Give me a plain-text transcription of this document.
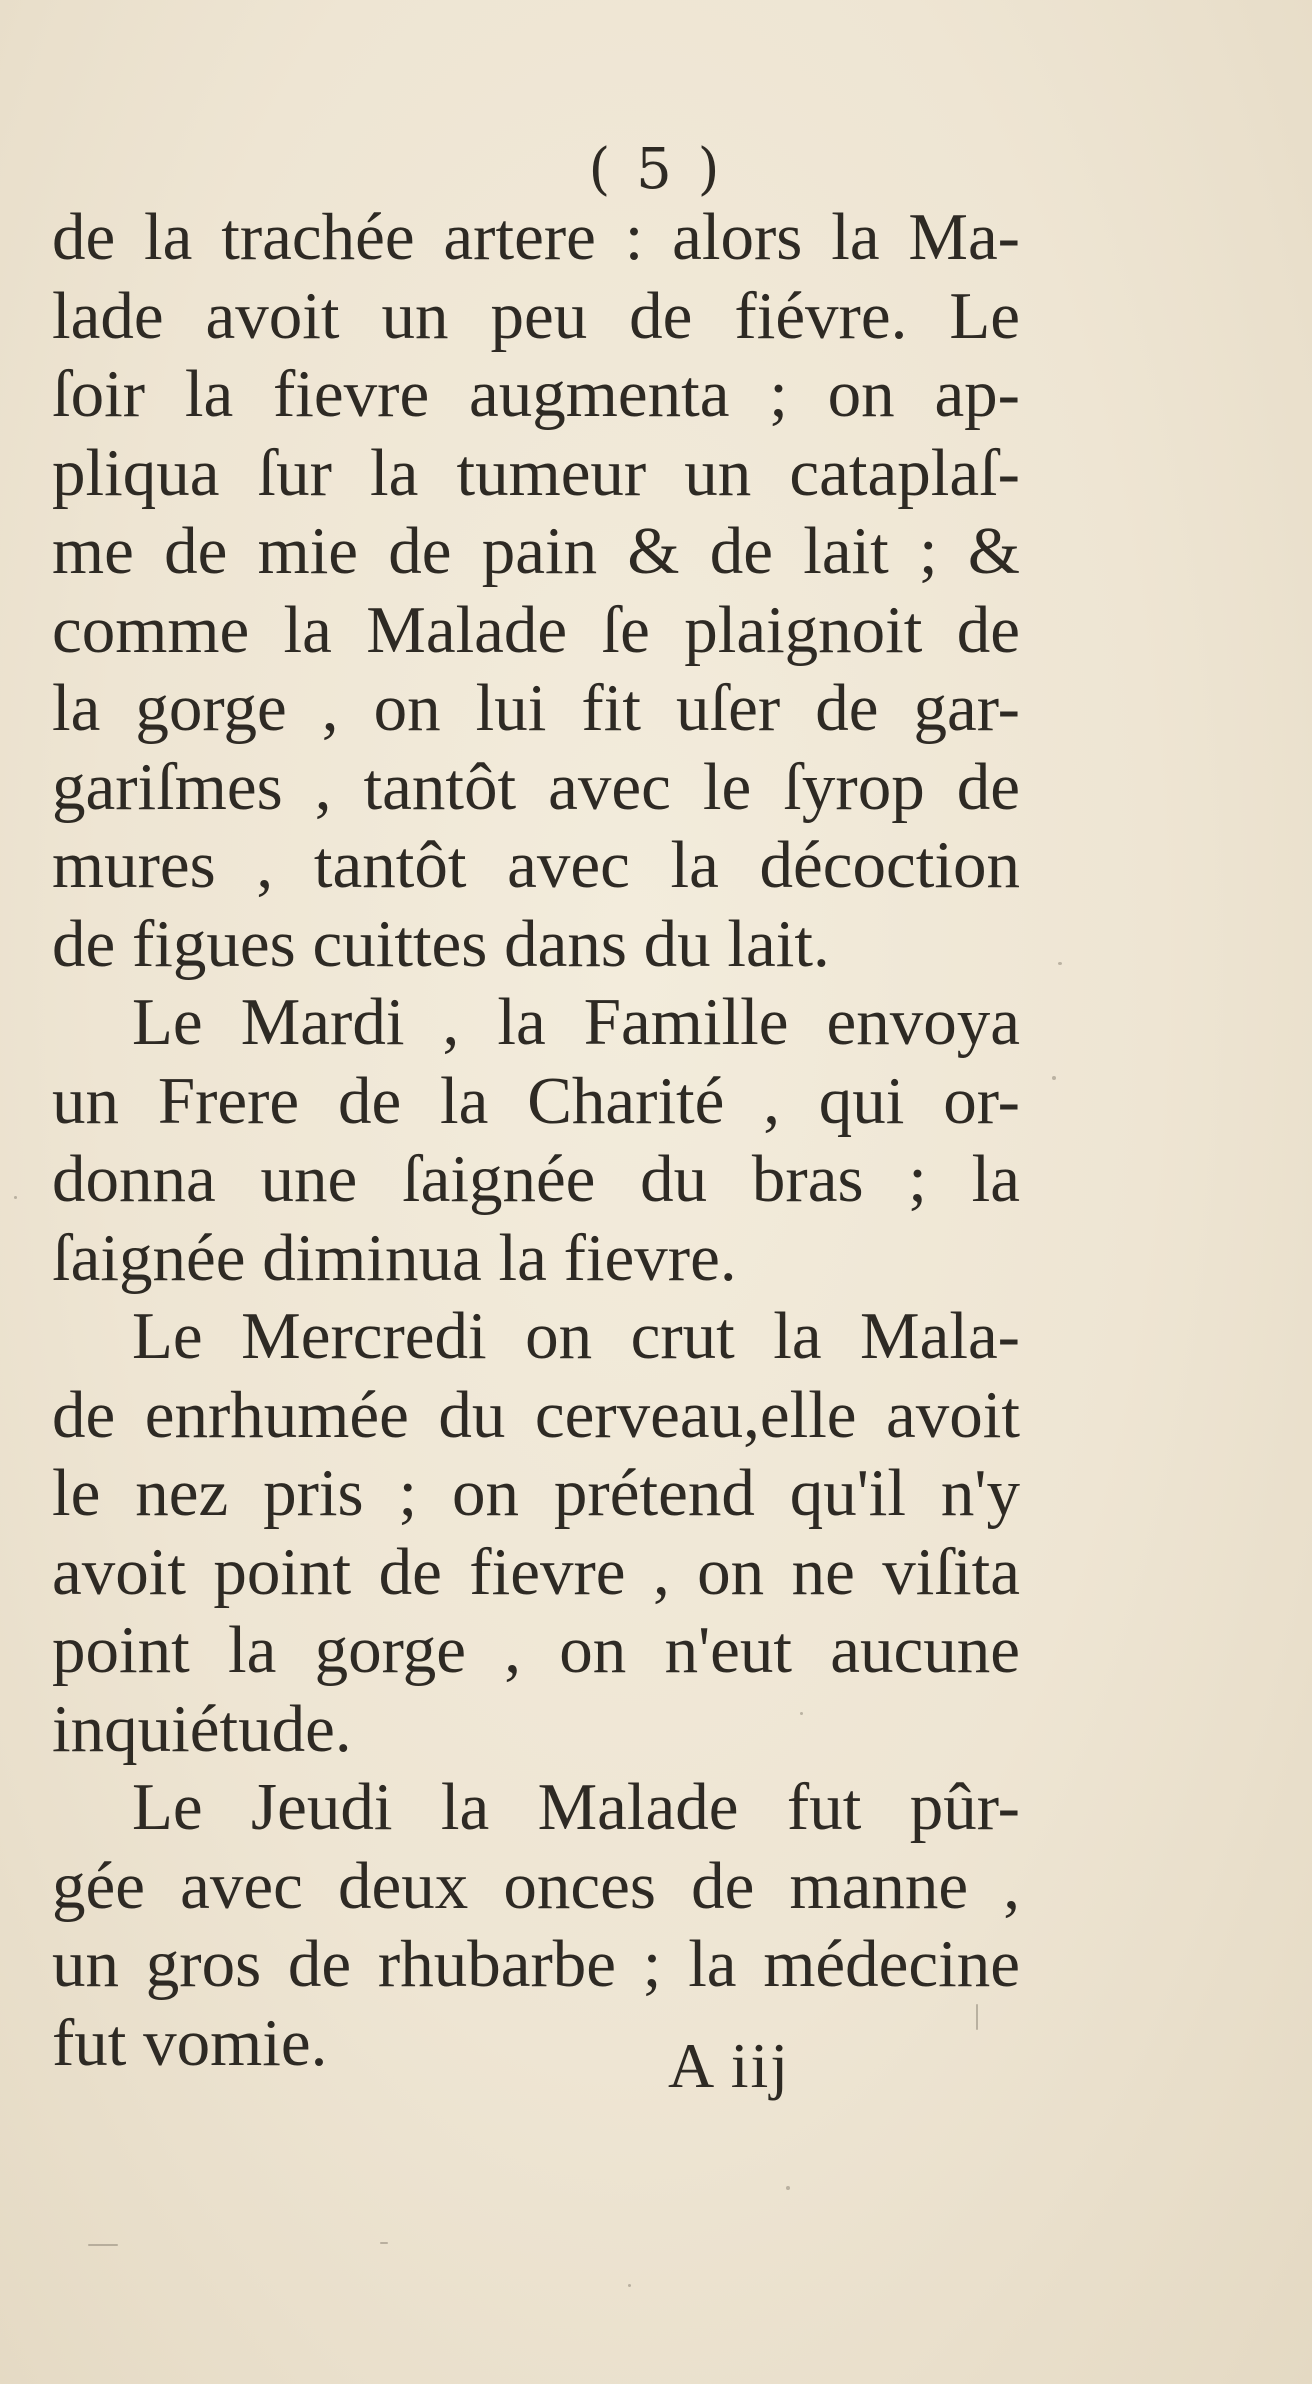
( 5 )
de la trachée artere : alors la Ma-
lade avoit un peu de fiévre. Le
ſoir la fievre augmenta ; on ap-
pliqua ſur la tumeur un cataplaſ-
me de mie de pain & de lait ; &
comme la Malade ſe plaignoit de
la gorge , on lui fit uſer de gar-
gariſmes , tantôt avec le ſyrop de
mures , tantôt avec la décoction
de figues cuittes dans du lait.
Le Mardi , la Famille envoya
un Frere de la Charité , qui or-
donna une ſaignée du bras ; la
ſaignée diminua la fievre.
Le Mercredi on crut la Mala-
de enrhumée du cerveau,elle avoit
le nez pris ; on prétend qu'il n'y
avoit point de fievre , on ne viſita
point la gorge , on n'eut aucune
inquiétude.
Le Jeudi la Malade fut pûr-
gée avec deux onces de manne ,
un gros de rhubarbe ; la médecine
fut vomie.	A iij
